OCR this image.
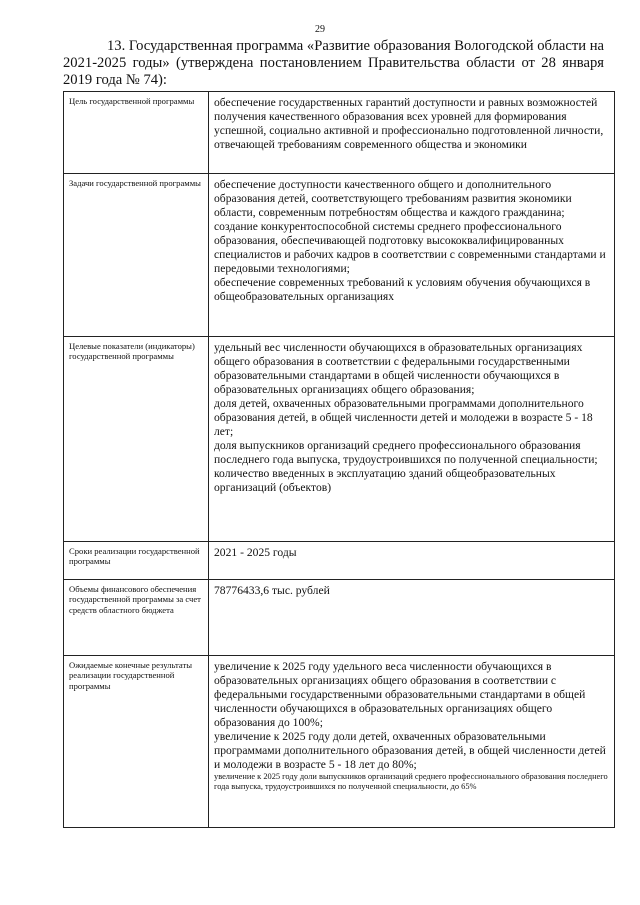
29
13. Государственная программа «Развитие образования Вологодской области на 2021-2025 годы» (утверждена постановлением Правительства области от 28 января 2019 года № 74):
Цель государственной программы	обеспечение государственных гарантий доступности и равных возможностей получения качественного образования всех уровней для формирования успешной, социально активной и профессионально подготовленной личности, отвечающей требованиям современного общества и экономики

Задачи государственной программы	обеспечение доступности качественного общего и дополнительного образования детей, соответствующего требованиям развития экономики области, современным потребностям общества и каждого гражданина;
создание конкурентоспособной системы среднего профессионального образования, обеспечивающей подготовку высококвалифицированных специалистов и рабочих кадров в соответствии с современными стандартами и передовыми технологиями;
обеспечение современных требований к условиям обучения обучающихся в общеобразовательных организациях

Целевые показатели (индикаторы) государственной программы	удельный вес численности обучающихся в образовательных организациях общего образования в соответствии с федеральными государственными образовательными стандартами в общей численности обучающихся в образовательных организациях общего образования;
доля детей, охваченных образовательными программами дополнительного образования детей, в общей численности детей и молодежи в возрасте 5 - 18 лет;
доля выпускников организаций среднего профессионального образования последнего года выпуска, трудоустроившихся по полученной специальности;
количество введенных в эксплуатацию зданий общеобразовательных организаций (объектов)

Сроки реализации государственной программы	2021 - 2025 годы
Объемы финансового обеспечения государственной программы за счет средств областного бюджета	78776433,6 тыс. рублей
Ожидаемые конечные результаты реализации государственной программы	увеличение к 2025 году удельного веса численности обучающихся в образовательных организациях общего образования в соответствии с федеральными государственными образовательными стандартами в общей численности обучающихся в образовательных организациях общего образования до 100%;
увеличение к 2025 году доли детей, охваченных образовательными программами дополнительного образования детей, в общей численности детей и молодежи в возрасте 5 - 18 лет до 80%;
увеличение к 2025 году доли выпускников организаций среднего профессионального образования последнего года выпуска, трудоустроившихся по полученной специальности, до 65%
